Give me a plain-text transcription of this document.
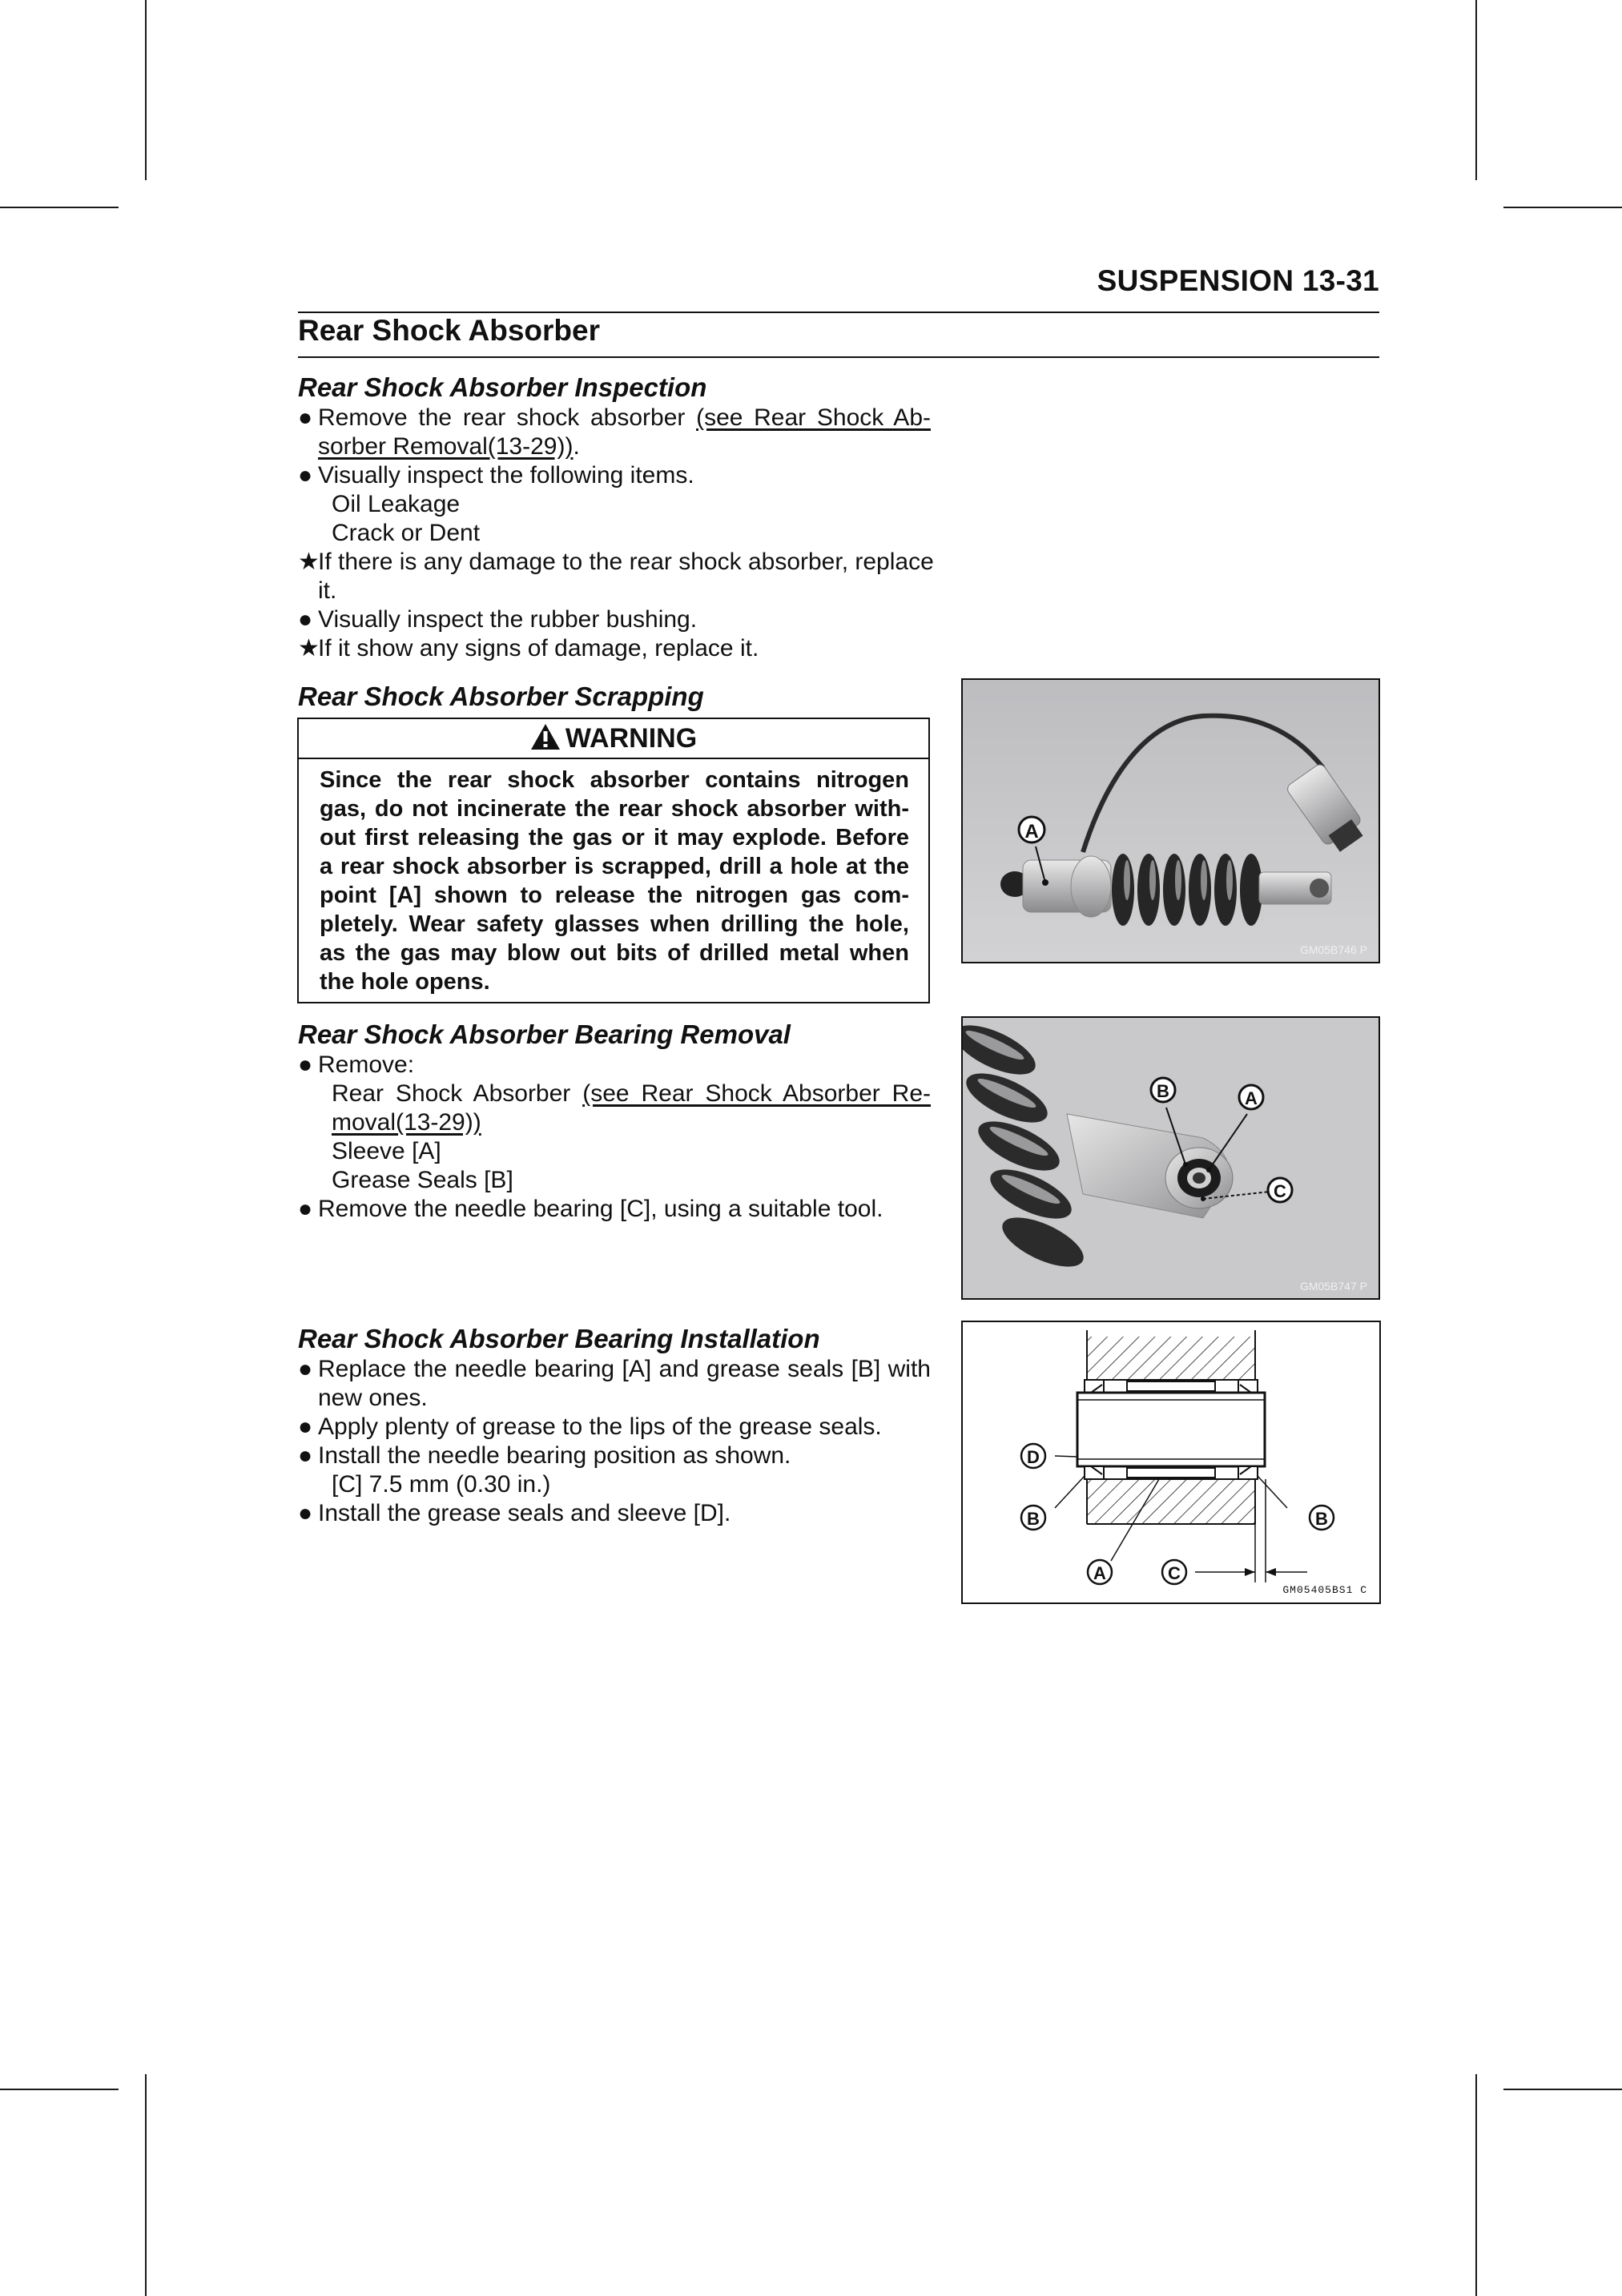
SUSPENSION 13-31
Rear Shock Absorber
Rear Shock Absorber Inspection
● Remove the rear shock absorber (see Rear Shock Ab-
sorber Removal(13-29)).
● Visually inspect the following items.
Oil Leakage
Crack or Dent
★If there is any damage to the rear shock absorber, replace
it.
● Visually inspect the rubber bushing.
★If it show any signs of damage, replace it.
Rear Shock Absorber Scrapping
WARNING
Since the rear shock absorber contains nitrogen
gas, do not incinerate the rear shock absorber with-
out first releasing the gas or it may explode. Before
a rear shock absorber is scrapped, drill a hole at the
point [A] shown to release the nitrogen gas com-
pletely. Wear safety glasses when drilling the hole,
as the gas may blow out bits of drilled metal when
the hole opens.
A
GM05B746 P
Rear Shock Absorber Bearing Removal
● Remove:
Rear Shock Absorber (see Rear Shock Absorber Re-
moval(13-29))
Sleeve [A]
Grease Seals [B]
● Remove the needle bearing [C], using a suitable tool.
B	A
C
GM05B747 P
Rear Shock Absorber Bearing Installation
● Replace the needle bearing [A] and grease seals [B] with
new ones.
● Apply plenty of grease to the lips of the grease seals.
● Install the needle bearing position as shown.
[C] 7.5 mm (0.30 in.)
● Install the grease seals and sleeve [D].
D
B	B
A	C
GM05405BS1 C
